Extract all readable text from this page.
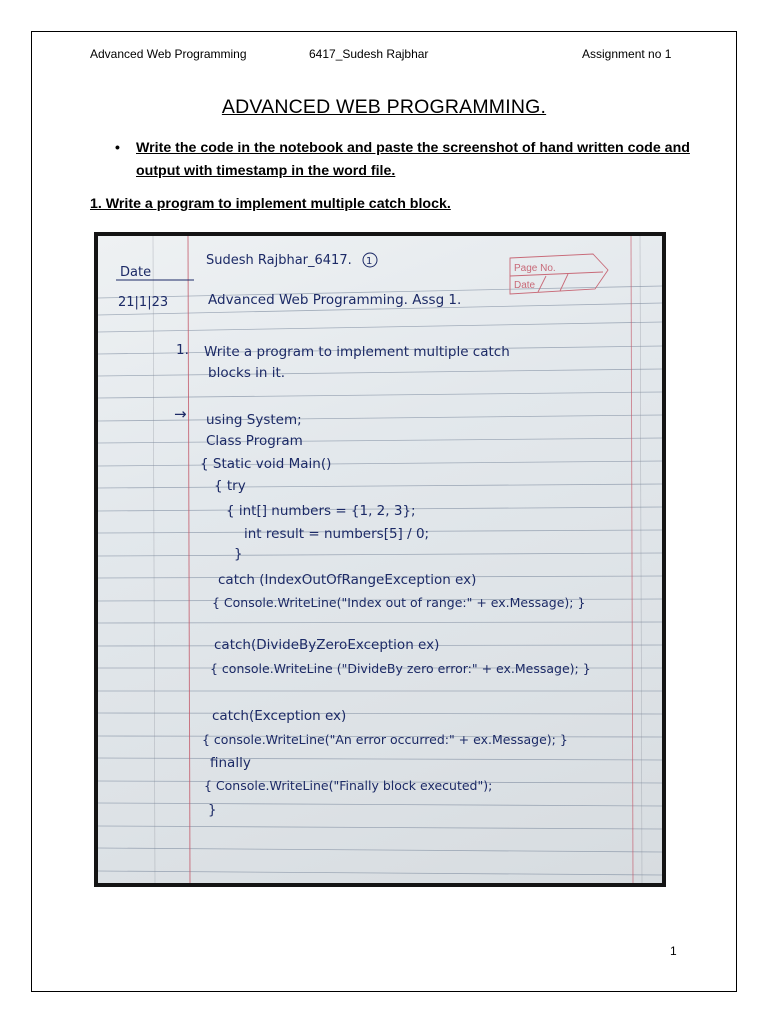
Advanced Web Programming	6417_Sudesh Rajbhar	Assignment no 1
ADVANCED WEB PROGRAMMING.
• Write the code in the notebook and paste the screenshot of hand written code and output with timestamp in the word file.
1. Write a program to implement multiple catch block.
Date
21|1|23
Sudesh Rajbhar_6417. 1
Page No.
Date
Advanced Web Programming. Assg 1.
1. Write a program to implement multiple catch
blocks in it.
→ using System;
Class Program
{ Static void Main()
{ try
{ int[] numbers = {1, 2, 3};
int result = numbers[5] / 0;
}
catch (IndexOutOfRangeException ex)
{ Console.WriteLine("Index out of range:" + ex.Message); }
catch(DivideByZeroException ex)
{ console.WriteLine ("DivideBy zero error:" + ex.Message); }
catch(Exception ex)
{ console.WriteLine("An error occurred:" + ex.Message); }
finally
{ Console.WriteLine("Finally block executed");
}
1
